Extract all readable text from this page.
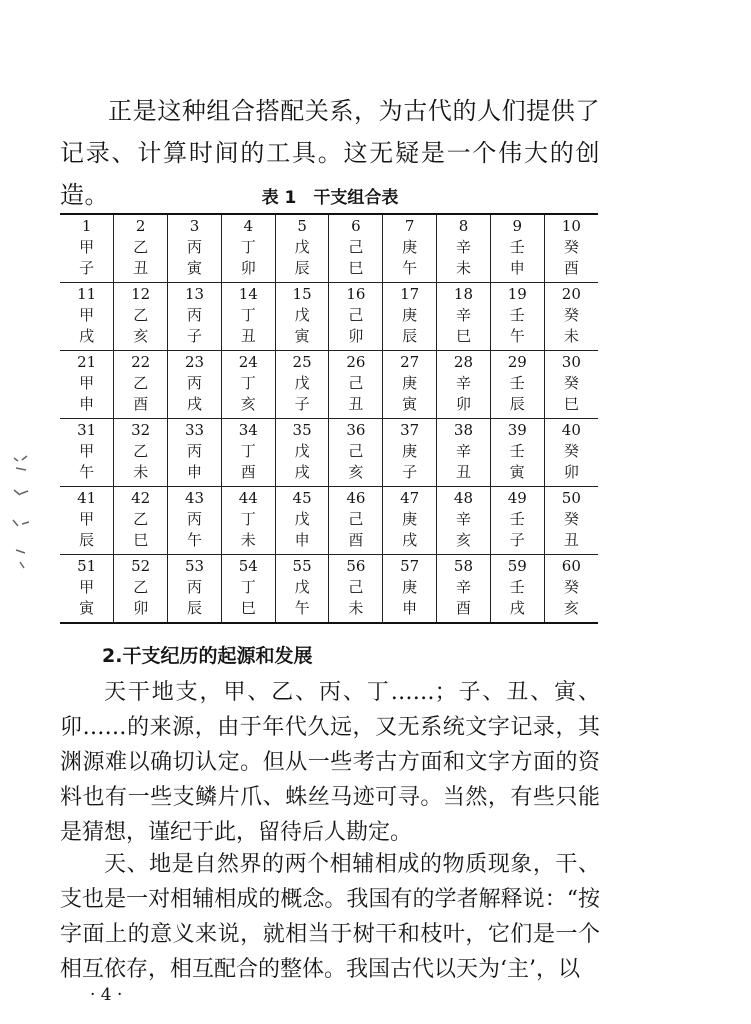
正是这种组合搭配关系，为古代的人们提供了记录、计算时间的工具。这无疑是一个伟大的创造。	表 1　干支组合表

1
甲
子	2
乙
丑	3
丙
寅	4
丁
卯	5
戊
辰	6
己
巳	7
庚
午	8
辛
未	9
壬
申	10
癸
酉

11
甲
戌	12
乙
亥	13
丙
子	14
丁
丑	15
戊
寅	16
己
卯	17
庚
辰	18
辛
巳	19
壬
午	20
癸
未

21
甲
申	22
乙
酉	23
丙
戌	24
丁
亥	25
戊
子	26
己
丑	27
庚
寅	28
辛
卯	29
壬
辰	30
癸
巳

31
甲
午	32
乙
未	33
丙
申	34
丁
酉	35
戊
戌	36
己
亥	37
庚
子	38
辛
丑	39
壬
寅	40
癸
卯

41
甲
辰	42
乙
巳	43
丙
午	44
丁
未	45
戊
申	46
己
酉	47
庚
戌	48
辛
亥	49
壬
子	50
癸
丑

51
甲
寅	52
乙
卯	53
丙
辰	54
丁
巳	55
戊
午	56
己
未	57
庚
申	58
辛
酉	59
壬
戌	60
癸
亥

2.干支纪历的起源和发展

天干地支，甲、乙、丙、丁……；子、丑、寅、卯……的来源，由于年代久远，又无系统文字记录，其渊源难以确切认定。但从一些考古方面和文字方面的资料也有一些支鳞片爪、蛛丝马迹可寻。当然，有些只能是猜想，谨纪于此，留待后人勘定。

天、地是自然界的两个相辅相成的物质现象，干、支也是一对相辅相成的概念。我国有的学者解释说：“按字面上的意义来说，就相当于树干和枝叶，它们是一个相互依存，相互配合的整体。我国古代以天为‘主’，以

· 4 ·
